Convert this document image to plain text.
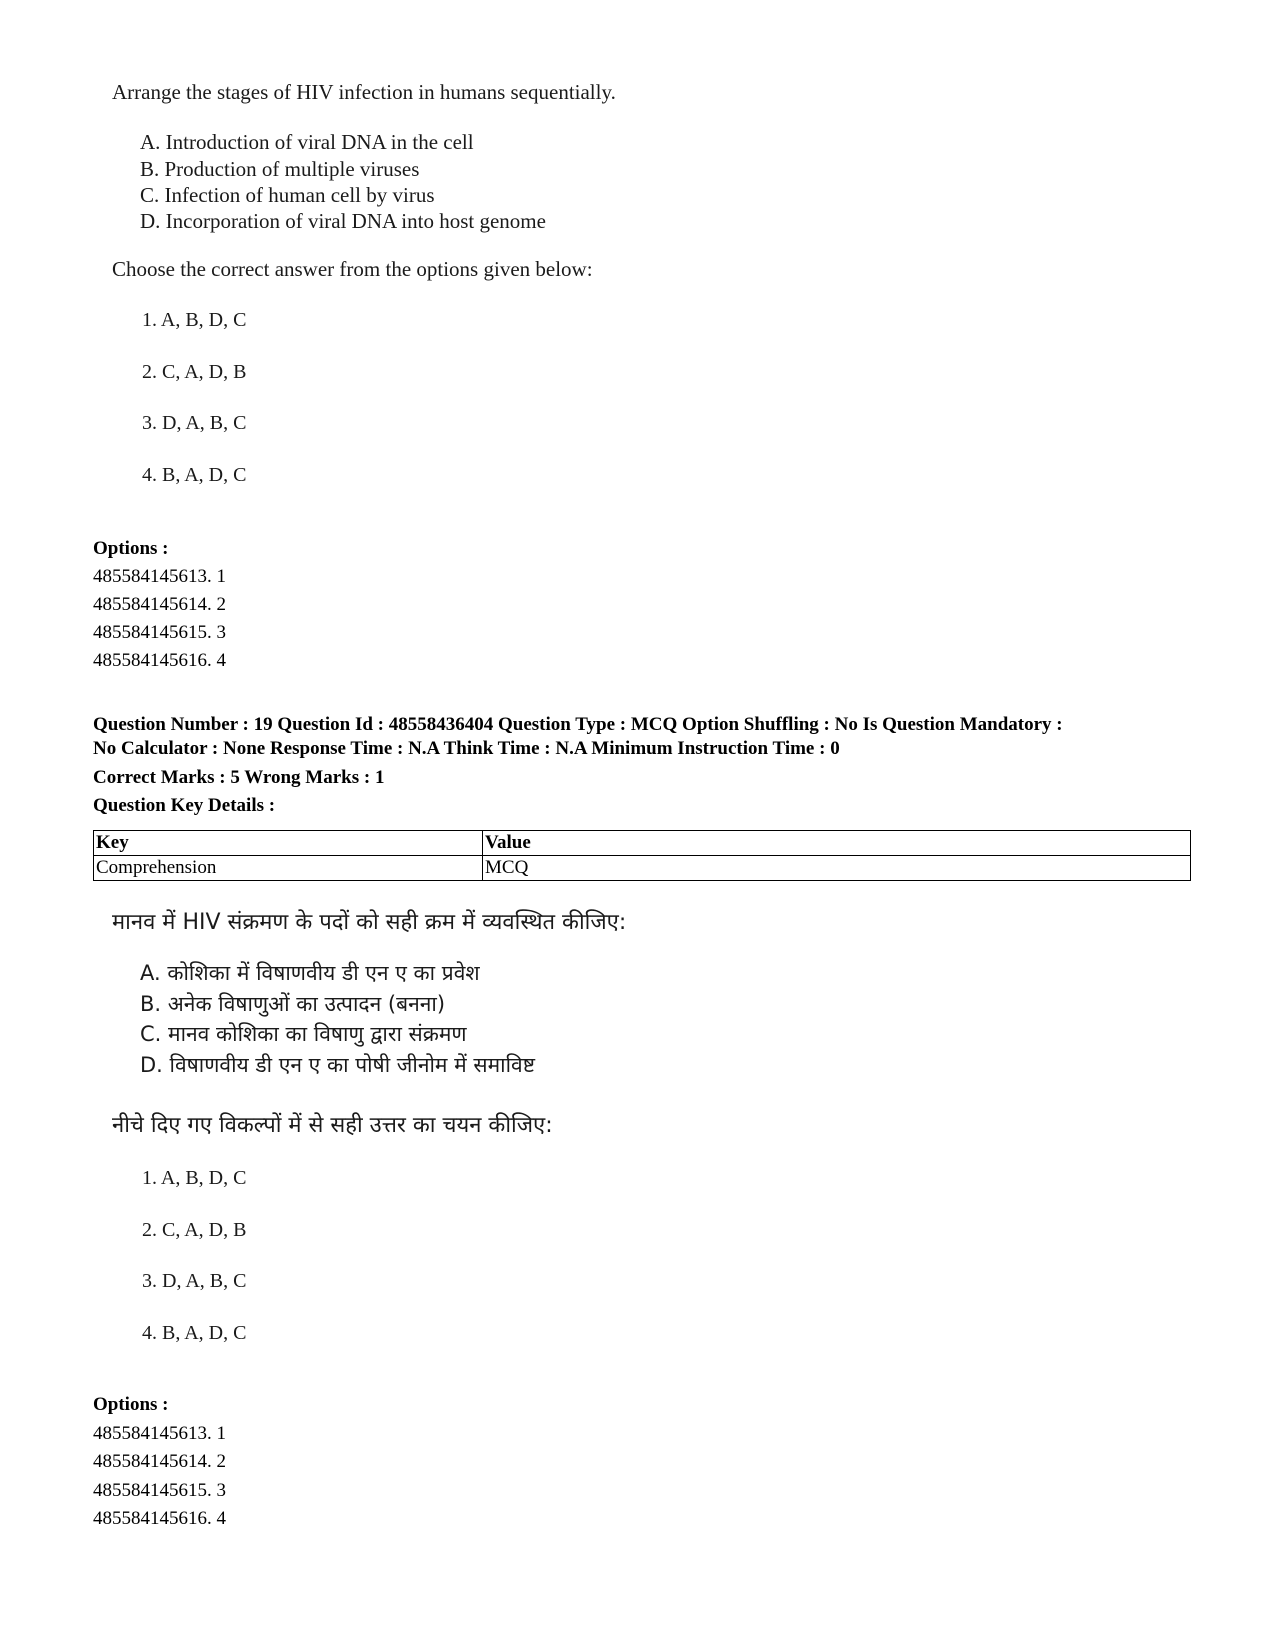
Arrange the stages of HIV infection in humans sequentially.
A. Introduction of viral DNA in the cell
B. Production of multiple viruses
C. Infection of human cell by virus
D. Incorporation of viral DNA into host genome
Choose the correct answer from the options given below:
1. A, B, D, C
2. C, A, D, B
3. D, A, B, C
4. B, A, D, C
Options :
485584145613. 1
485584145614. 2
485584145615. 3
485584145616. 4
Question Number : 19 Question Id : 48558436404 Question Type : MCQ Option Shuffling : No Is Question Mandatory :
No Calculator : None Response Time : N.A Think Time : N.A Minimum Instruction Time : 0
Correct Marks : 5 Wrong Marks : 1
Question Key Details :
Key	Value
Comprehension	MCQ
मानव में HIV संक्रमण के पदों को सही क्रम में व्यवस्थित कीजिए:
A. कोशिका में विषाणवीय डी एन ए का प्रवेश
B. अनेक विषाणुओं का उत्पादन (बनना)
C. मानव कोशिका का विषाणु द्वारा संक्रमण
D. विषाणवीय डी एन ए का पोषी जीनोम में समाविष्ट
नीचे दिए गए विकल्पों में से सही उत्तर का चयन कीजिए:
1. A, B, D, C
2. C, A, D, B
3. D, A, B, C
4. B, A, D, C
Options :
485584145613. 1
485584145614. 2
485584145615. 3
485584145616. 4
